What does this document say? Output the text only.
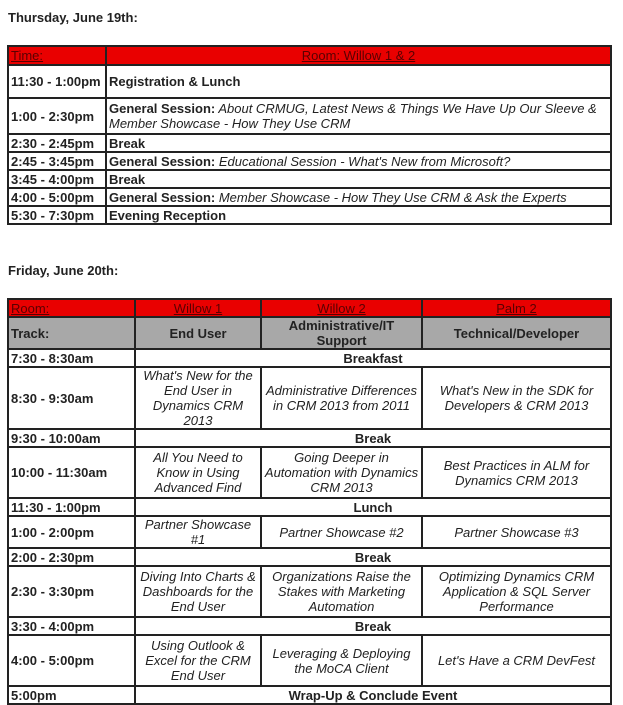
Thursday, June 19th:
Time:	Room: Willow 1 & 2
11:30 - 1:00pm	Registration & Lunch
1:00 - 2:30pm	General Session: About CRMUG, Latest News & Things We Have Up Our Sleeve & Member Showcase - How They Use CRM
2:30 - 2:45pm	Break
2:45 - 3:45pm	General Session: Educational Session - What's New from Microsoft?
3:45 - 4:00pm	Break
4:00 - 5:00pm	General Session: Member Showcase - How They Use CRM & Ask the Experts
5:30 - 7:30pm	Evening Reception
Friday, June 20th:
Room:	Willow 1	Willow 2	Palm 2
Track:	End User	Administrative/IT Support	Technical/Developer
7:30 - 8:30am	Breakfast		
8:30 - 9:30am	What's New for the End User in Dynamics CRM 2013	Administrative Differences in CRM 2013 from 2011	What's New in the SDK for Developers & CRM 2013
9:30 - 10:00am	Break		
10:00 - 11:30am	All You Need to Know in Using Advanced Find	Going Deeper in Automation with Dynamics CRM 2013	Best Practices in ALM for Dynamics CRM 2013
11:30 - 1:00pm	Lunch		
1:00 - 2:00pm	Partner Showcase #1	Partner Showcase #2	Partner Showcase #3
2:00 - 2:30pm	Break		
2:30 - 3:30pm	Diving Into Charts & Dashboards for the End User	Organizations Raise the Stakes with Marketing Automation	Optimizing Dynamics CRM Application & SQL Server Performance
3:30 - 4:00pm	Break		
4:00 - 5:00pm	Using Outlook & Excel for the CRM End User	Leveraging & Deploying the MoCA Client	Let's Have a CRM DevFest
5:00pm	Wrap-Up & Conclude Event		
